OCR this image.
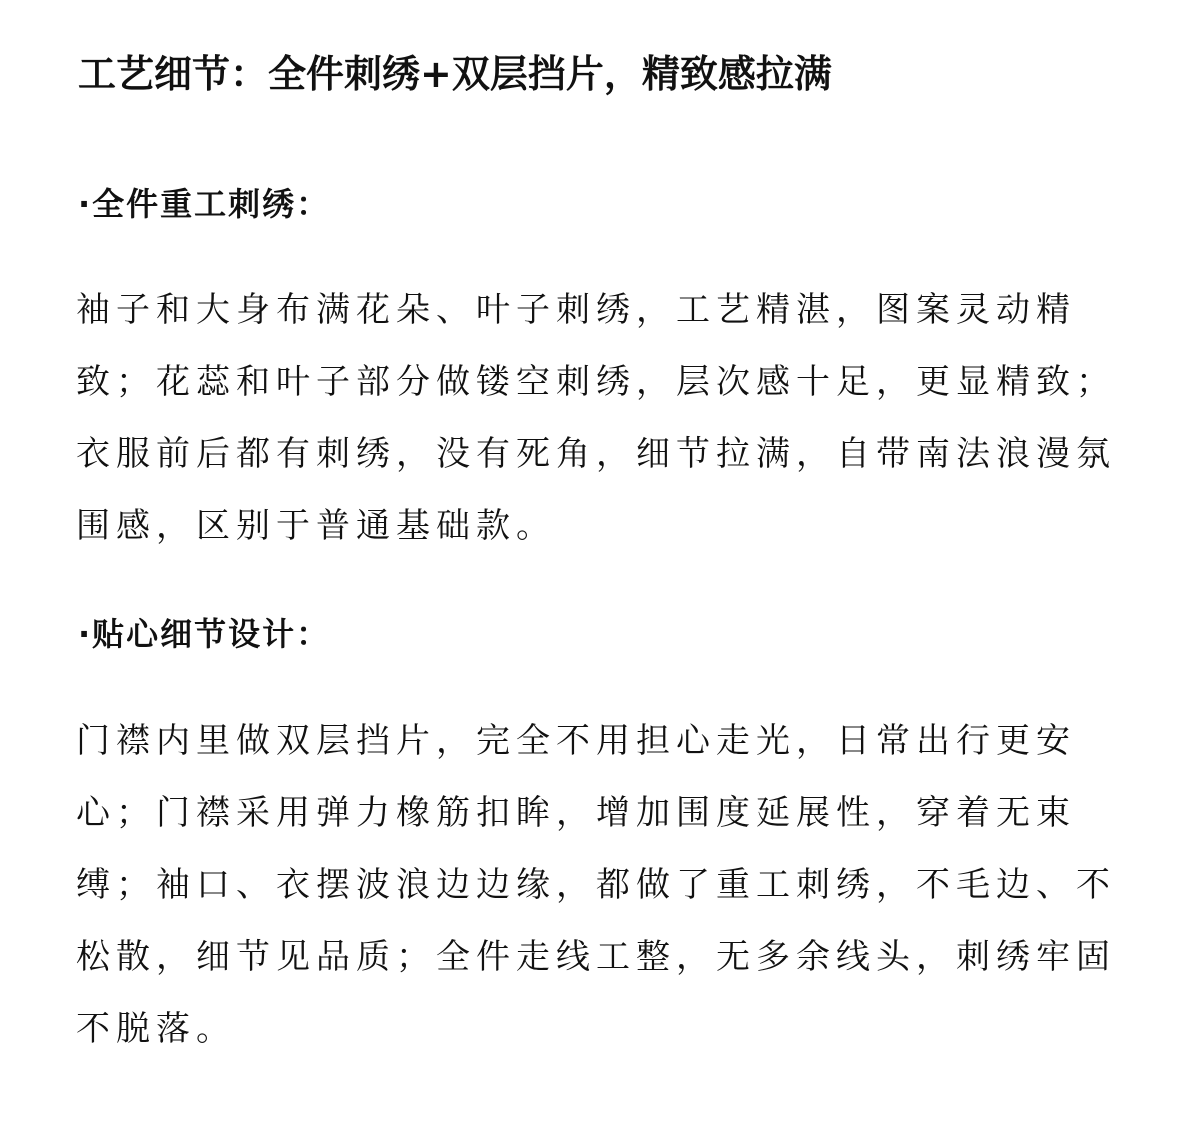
工艺细节：全件刺绣+双层挡片，精致感拉满
·全件重工刺绣：
袖子和大身布满花朵、叶子刺绣，工艺精湛，图案灵动精
致；花蕊和叶子部分做镂空刺绣，层次感十足，更显精致；
衣服前后都有刺绣，没有死角，细节拉满，自带南法浪漫氛
围感，区别于普通基础款。
·贴心细节设计：
门襟内里做双层挡片，完全不用担心走光，日常出行更安
心；门襟采用弹力橡筋扣眸，增加围度延展性，穿着无束
缚；袖口、衣摆波浪边边缘，都做了重工刺绣，不毛边、不
松散，细节见品质；全件走线工整，无多余线头，刺绣牢固
不脱落。
